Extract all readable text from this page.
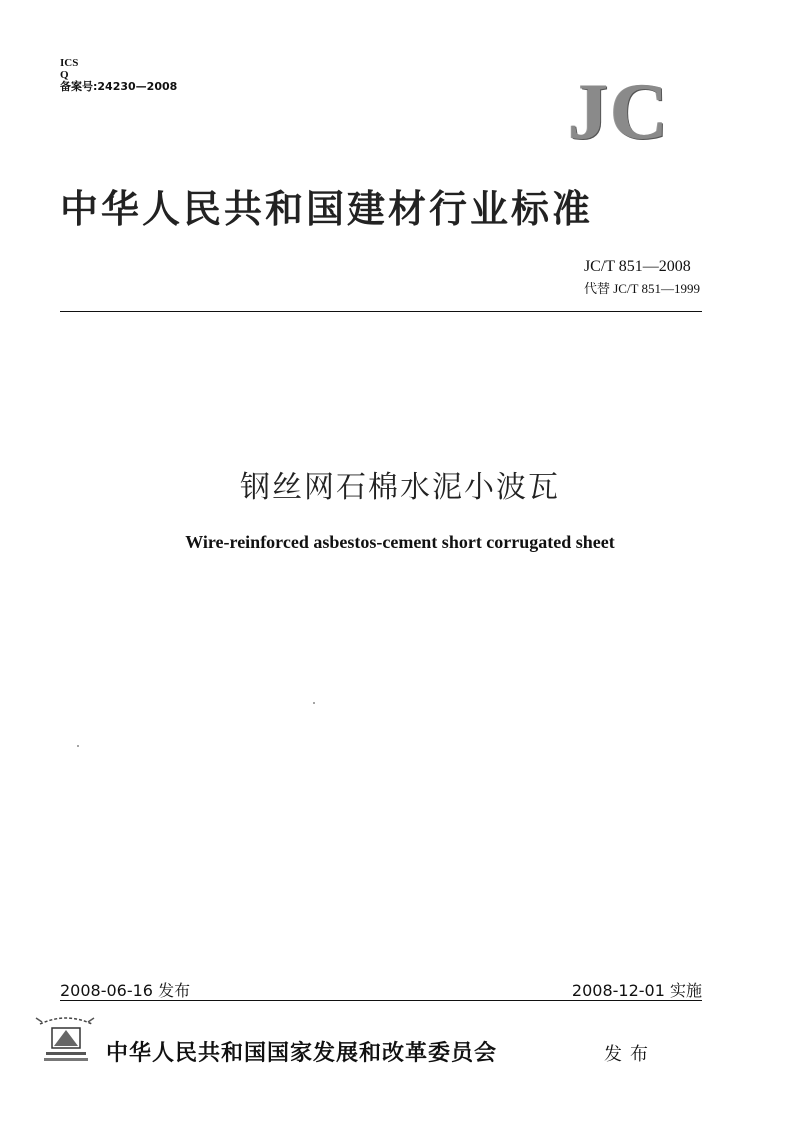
ICS
Q
备案号:24230—2008	JC
中华人民共和国建材行业标准
JC/T 851—2008
代替 JC/T 851—1999
钢丝网石棉水泥小波瓦
Wire-reinforced asbestos-cement short corrugated sheet
2008-06-16 发布	2008-12-01 实施
中华人民共和国国家发展和改革委员会	发布
